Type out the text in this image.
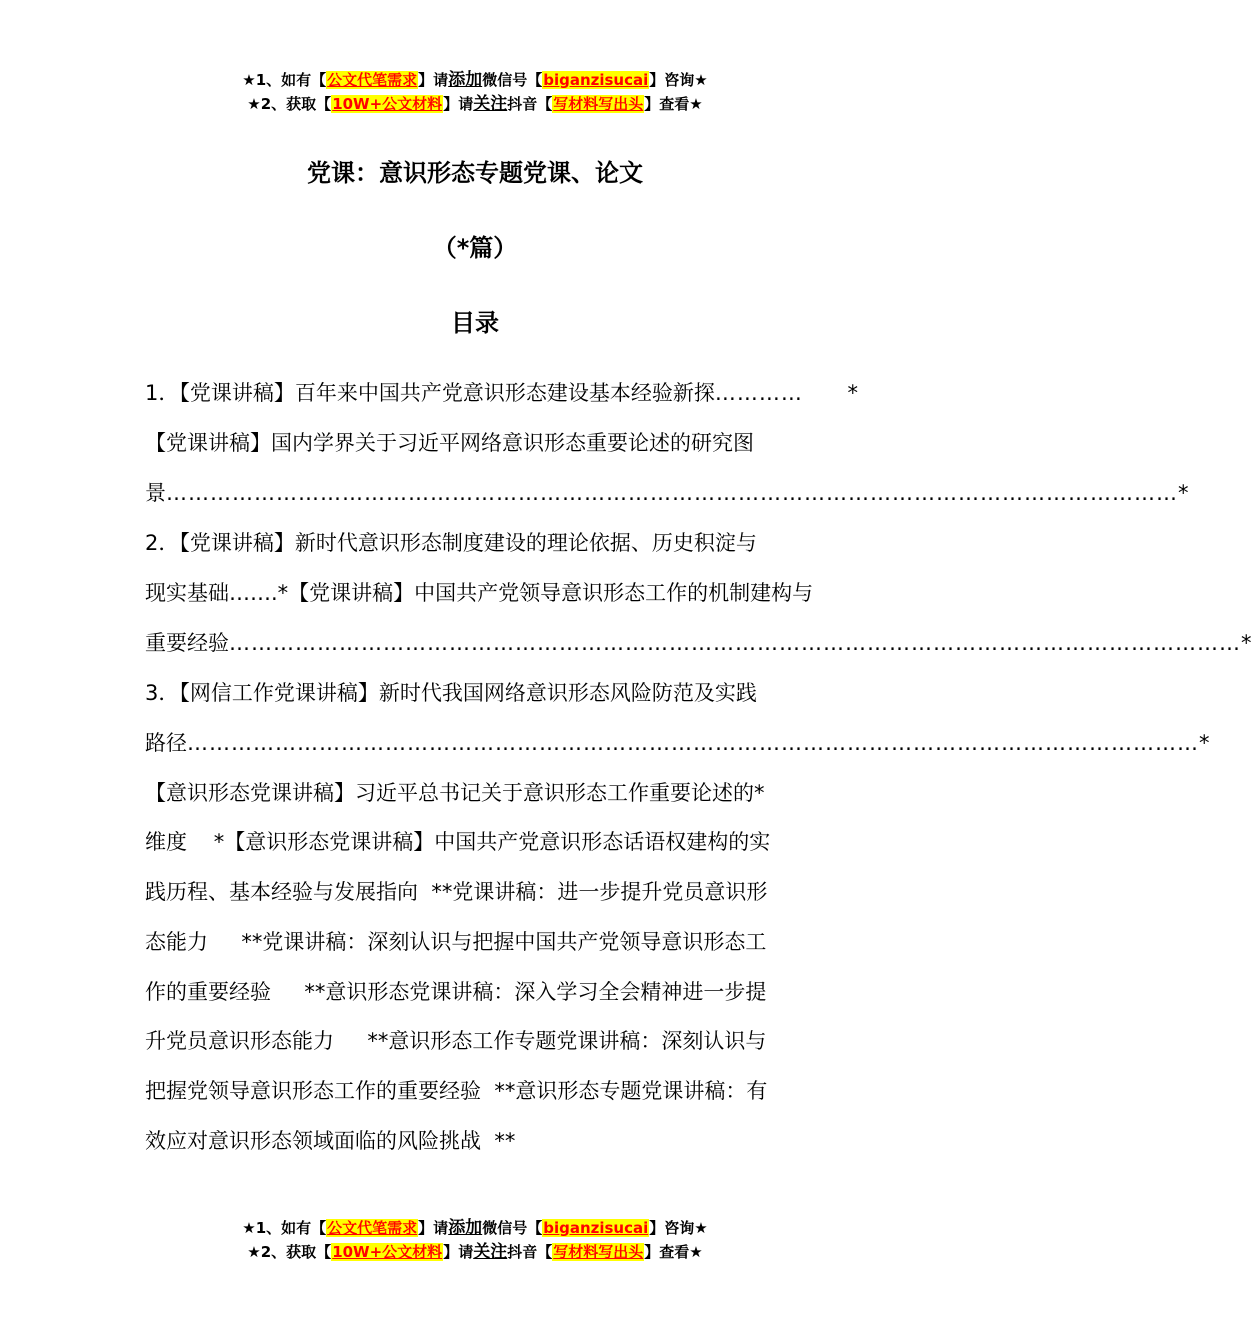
★1、如有【公文代笔需求】请添加微信号【biganzisucai】咨询★
★2、获取【10W+公文材料】请关注抖音【写材料写出头】查看★
党课：意识形态专题党课、论文
（*篇）
目录
1．【党课讲稿】百年来中国共产党意识形态建设基本经验新探 …………	*
【党课讲稿】国内学界关于习近平网络意识形态重要论述的研究图
景 ………………………………………………………………………………………………………………………… *
2．【党课讲稿】新时代意识形态制度建设的理论依据、历史积淀与
现实基础…….*【党课讲稿】中国共产党领导意识形态工作的机制建构与
重要经验 ………………………………………………………………………………………………………………………… *
3．【网信工作党课讲稿】新时代我国网络意识形态风险防范及实践
路径 ………………………………………………………………………………………………………………………… *
【意识形态党课讲稿】习近平总书记关于意识形态工作重要论述的*
维度    *【意识形态党课讲稿】中国共产党意识形态话语权建构的实
践历程、基本经验与发展指向  **党课讲稿：进一步提升党员意识形
态能力     **党课讲稿：深刻认识与把握中国共产党领导意识形态工
作的重要经验     **意识形态党课讲稿：深入学习全会精神进一步提
升党员意识形态能力     **意识形态工作专题党课讲稿：深刻认识与
把握党领导意识形态工作的重要经验  **意识形态专题党课讲稿：有
效应对意识形态领域面临的风险挑战  **
★1、如有【公文代笔需求】请添加微信号【biganzisucai】咨询★
★2、获取【10W+公文材料】请关注抖音【写材料写出头】查看★
